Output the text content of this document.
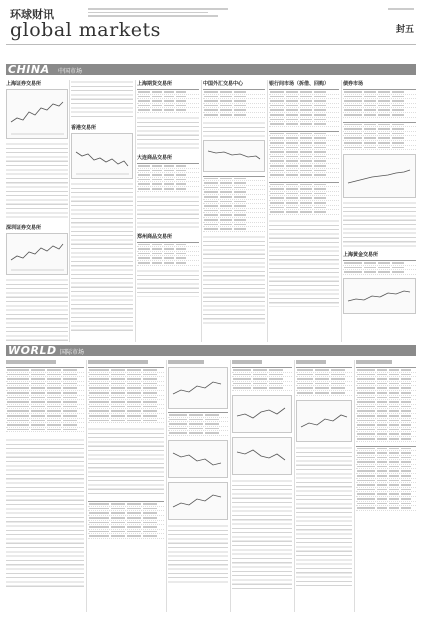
环球财讯
global markets	封五
CHINA 中国市场
上海证券交易所
深圳证券交易所
香港交易所
上海期货交易所
大连商品交易所
郑州商品交易所
中国外汇交易中心	银行间市场（拆借、回购）	债券市场
上海黄金交易所
WORLD 国际市场
